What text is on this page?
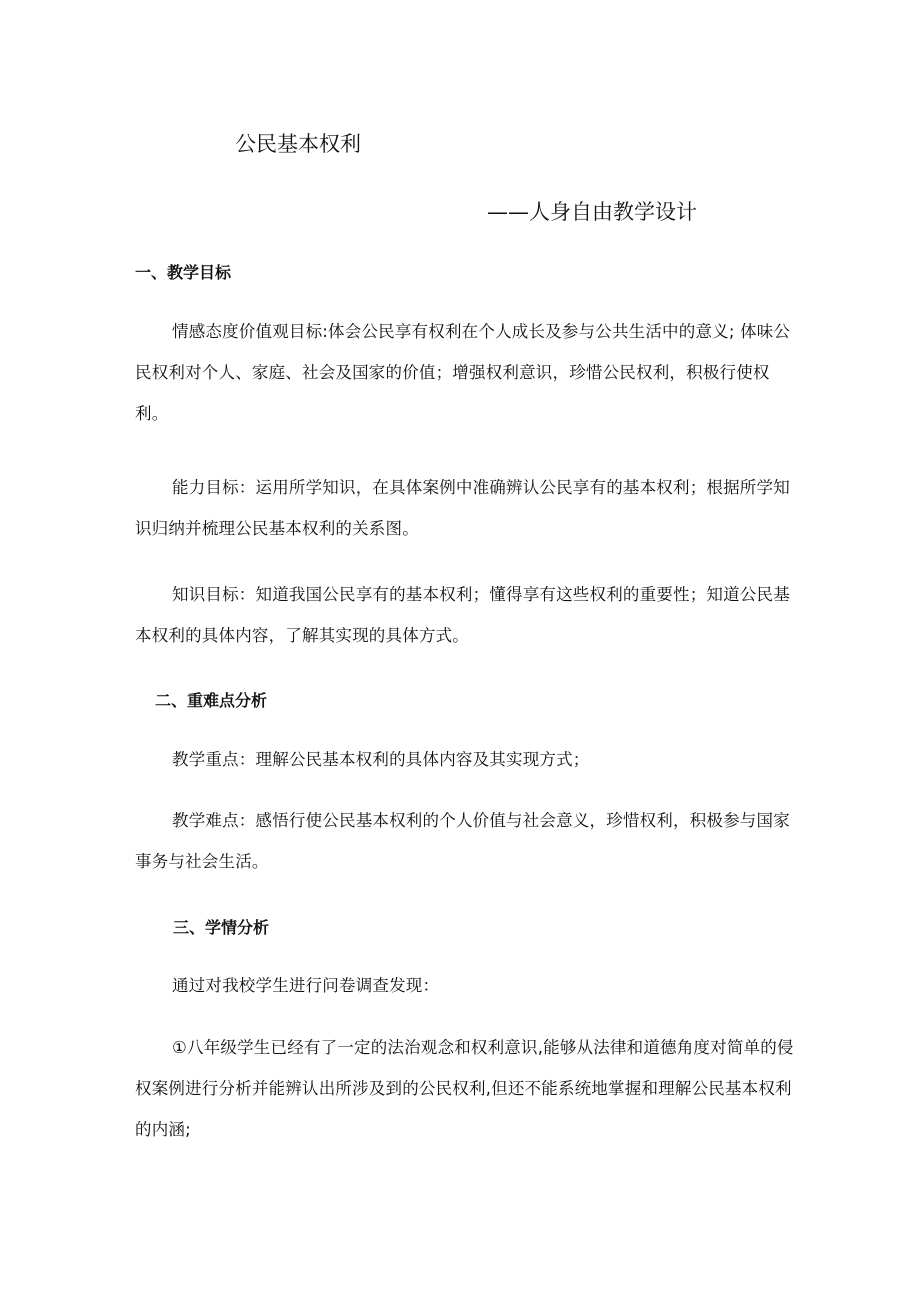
公民基本权利
——人身自由教学设计
一、教学目标

情感态度价值观目标:体会公民享有权利在个人成长及参与公共生活中的意义; 体味公民权利对个人、家庭、社会及国家的价值；增强权利意识，珍惜公民权利，积极行使权利。

能力目标：运用所学知识，在具体案例中准确辨认公民享有的基本权利；根据所学知识归纳并梳理公民基本权利的关系图。

知识目标：知道我国公民享有的基本权利；懂得享有这些权利的重要性；知道公民基本权利的具体内容，了解其实现的具体方式。

二、重难点分析

教学重点：理解公民基本权利的具体内容及其实现方式；

教学难点：感悟行使公民基本权利的个人价值与社会意义，珍惜权利，积极参与国家事务与社会生活。

三、学情分析

通过对我校学生进行问卷调查发现：

①八年级学生已经有了一定的法治观念和权利意识,能够从法律和道德角度对简单的侵权案例进行分析并能辨认出所涉及到的公民权利,但还不能系统地掌握和理解公民基本权利的内涵;
